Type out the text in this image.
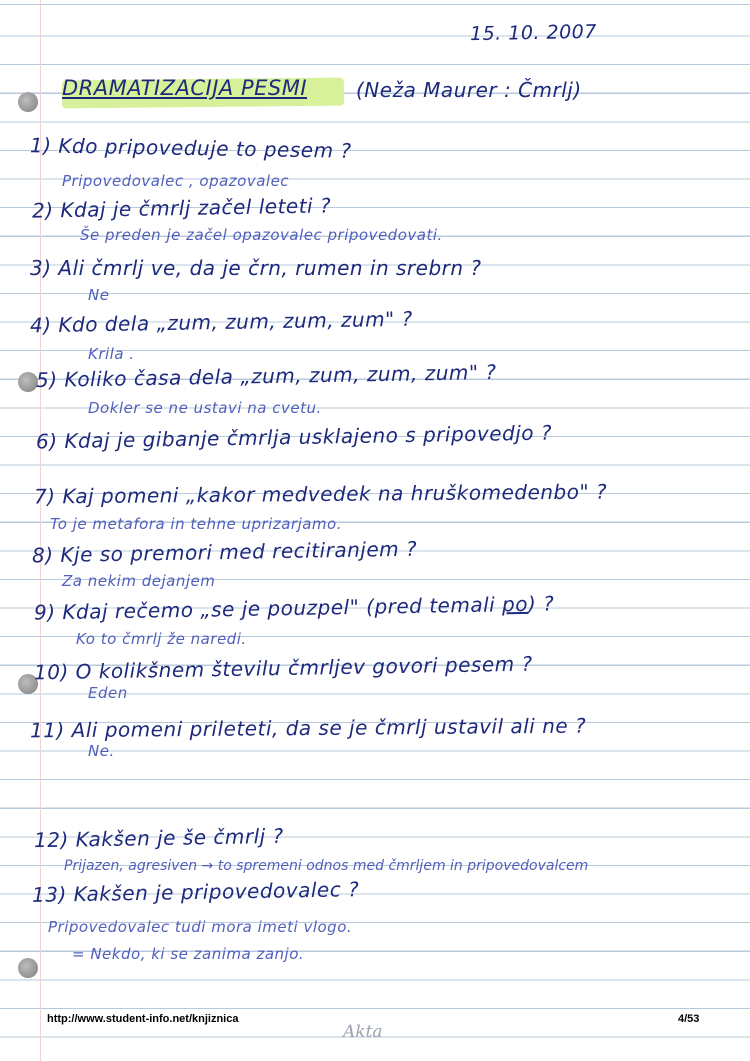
15. 10. 2007
DRAMATIZACIJA PESMI (Neža Maurer : Čmrlj)
1) Kdo pripoveduje to pesem ?
Pripovedovalec , opazovalec
2) Kdaj je čmrlj začel leteti ?
Še preden je začel opazovalec pripovedovati.
3) Ali čmrlj ve, da je črn, rumen in srebrn ?
Ne
4) Kdo dela „zum, zum, zum, zum" ?
Krila .
5) Koliko časa dela „zum, zum, zum, zum" ?
Dokler se ne ustavi na cvetu.
6) Kdaj je gibanje čmrlja usklajeno s pripovedjo ?
7) Kaj pomeni „kakor medvedek na hruškomedenbo" ?
To je metafora in tehne uprizarjamo.
8) Kje so premori med recitiranjem ?
Za nekim dejanjem
9) Kdaj rečemo „se je pouzpel" (pred temali po) ?
Ko to čmrlj že naredi.
10) O kolikšnem številu čmrljev govori pesem ?
Eden
11) Ali pomeni prileteti, da se je čmrlj ustavil ali ne ?
Ne.
12) Kakšen je še čmrlj ?
Prijazen, agresiven → to spremeni odnos med čmrljem in pripovedovalcem
13) Kakšen je pripovedovalec ?
Pripovedovalec tudi mora imeti vlogo.
= Nekdo, ki se zanima zanjo.
http://www.student-info.net/knjiznica	4/53
Akta
